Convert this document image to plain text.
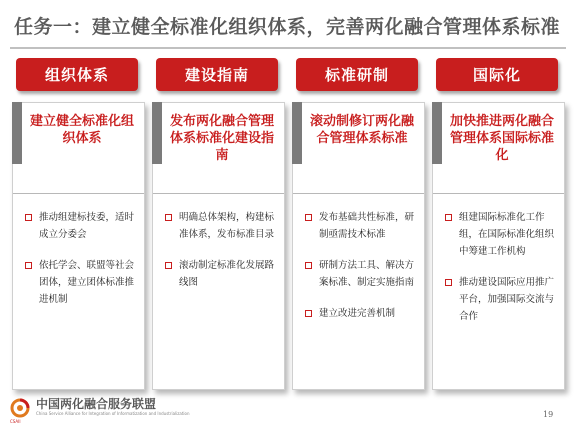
任务一：建立健全标准化组织体系，完善两化融合管理体系标准
建立健全标准化组织体系
推动组建标技委，适时成立分委会
依托学会、联盟等社会团体，建立团体标准推进机制
组织体系
发布两化融合管理体系标准化建设指南
明确总体架构，构建标准体系，发布标准目录
滚动制定标准化发展路线图
建设指南
滚动制修订两化融合管理体系标准
发布基础共性标准，研制亟需技术标准
研制方法工具、解决方案标准、制定实施指南
建立改进完善机制
标准研制
加快推进两化融合管理体系国际标准化
组建国际标准化工作组，在国际标准化组织中筹建工作机构
推动建设国际应用推广平台，加强国际交流与合作
国际化
中国两化融合服务联盟
China Service Alliance for Integration of Informatization and Industrialization
CSAII
19
